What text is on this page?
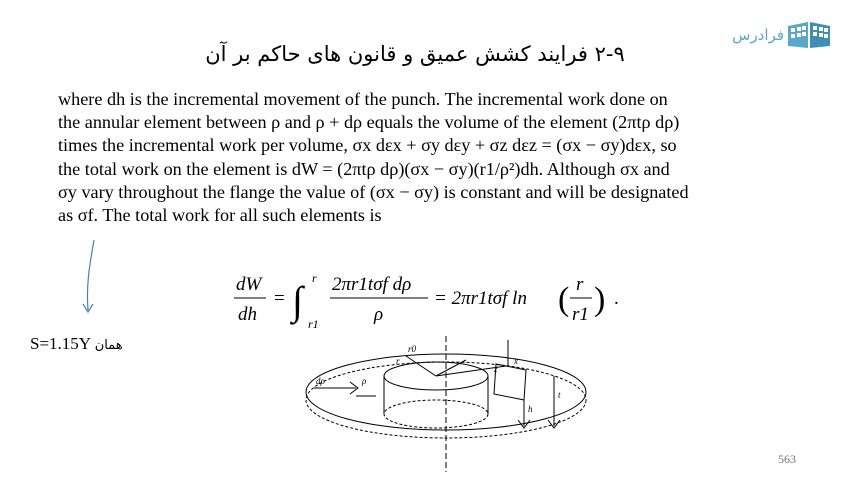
۲-۹ فرایند کشش عمیق و قانون های حاکم بر آن
فرادرس

where dh is the incremental movement of the punch. The incremental work done on

the annular element between ρ and ρ + dρ equals the volume of the element (2πtρ dρ)

times the incremental work per volume, σx dεx + σy dεy + σz dεz = (σx − σy)dεx, so

the total work on the element is dW = (2πtρ dρ)(σx − σy)(r1/ρ²)dh. Although σx and

σy vary throughout the flange the value of (σx − σy) is constant and will be designated

as σf. The total work for all such elements is

dW
dh
= ∫ r
r1
2πr1tσf dρ
ρ
= 2πr1tσf ln ( r
r1 ) .
S=1.15Y همان	r0
r
ρ
dρ
z
x
h
t
563
